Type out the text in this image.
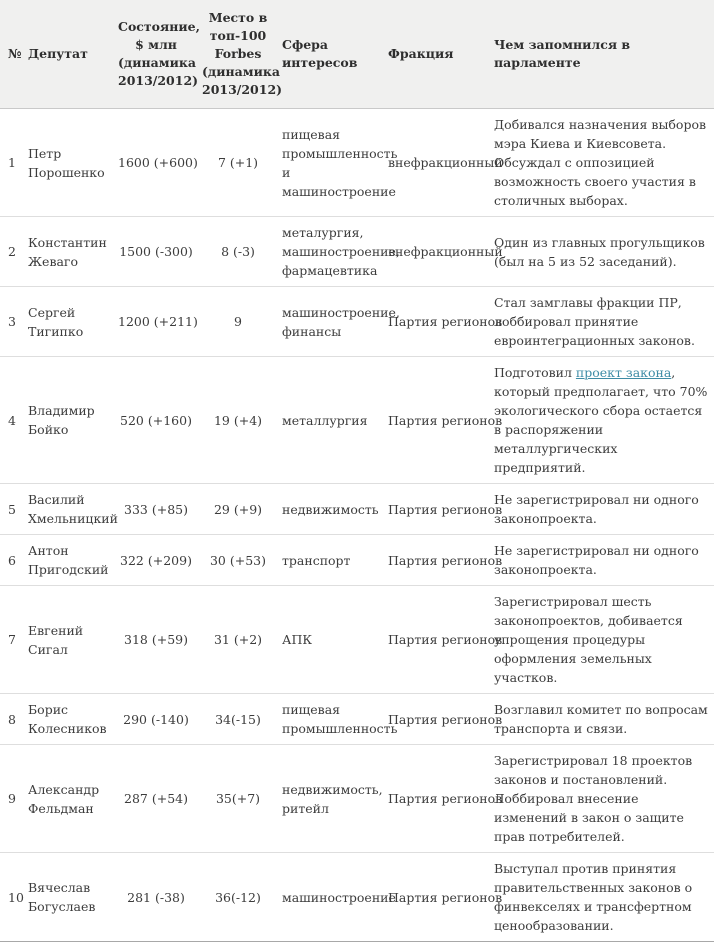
№	Депутат	Состояние, $ млн (динамика 2013/2012)	Место в топ-100 Forbes (динамика 2013/2012)	Сфера интересов	Фракция	Чем запомнился в парламенте
1	Петр Порошенко	1600 (+600)	7 (+1)	пищевая промышленность и машиностроение	внефракционный	Добивался назначения выборов мэра Киева и Киевсовета. Обсуждал с оппозицией возможность своего участия в столичных выборах.
2	Константин Жеваго	1500 (-300)	8 (-3)	металургия, машиностроение, фармацевтика	внефракционный	Один из главных прогульщиков (был на 5 из 52 заседаний).
3	Сергей Тигипко	1200 (+211)	9	машиностроение, финансы	Партия регионов	Стал замглавы фракции ПР, лоббировал принятие евроинтеграционных законов.
4	Владимир Бойко	520 (+160)	19 (+4)	металлургия	Партия регионов	Подготовил проект закона, который предполагает, что 70% экологического сбора остается в распоряжении металлургических предприятий.
5	Василий Хмельницкий	333 (+85)	29 (+9)	недвижимость	Партия регионов	Не зарегистрировал ни одного законопроекта.
6	Антон Пригодский	322 (+209)	30 (+53)	транспорт	Партия регионов	Не зарегистрировал ни одного законопроекта.
7	Евгений Сигал	318 (+59)	31 (+2)	АПК	Партия регионов	Зарегистрировал шесть законопроектов, добивается упрощения процедуры оформления земельных участков.
8	Борис Колесников	290 (-140)	34(-15)	пищевая промышленность	Партия регионов	Возглавил комитет по вопросам транспорта и связи.
9	Александр Фельдман	287 (+54)	35(+7)	недвижимость, ритейл	Партия регионов	Зарегистрировал 18 проектов законов и постановлений. Лоббировал внесение изменений в закон о защите прав потребителей.
10	Вячеслав Богуслаев	281 (-38)	36(-12)	машиностроение	Партия регионов	Выступал против принятия правительственных законов о финвекселях и трансфертном ценообразовании.
